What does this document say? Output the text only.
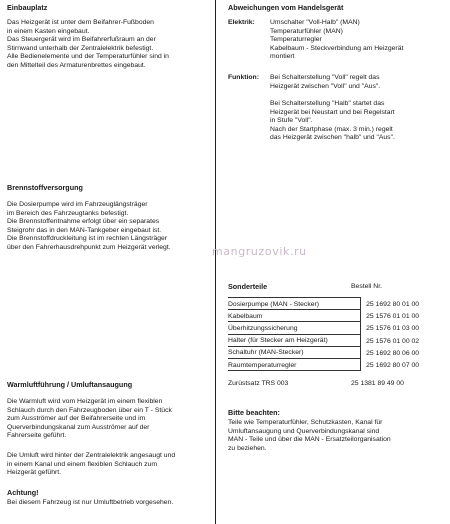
Einbauplatz
Das Heizgerät ist unter dem Beifahrer-Fußboden
in einem Kasten eingebaut.
Das Steuergerät wird im Beifahrerfußraum an der
Stirnwand unterhalb der Zentralelektrik befestigt.
Alle Bedienelemente und der Temperaturfühler sind in
den Mittelteil des Armaturenbrettes eingebaut.
Brennstoffversorgung
Die Dosierpumpe wird im Fahrzeuglängsträger
im Bereich des Fahrzeugtanks befestigt.
Die Brennstoffentnahme erfolgt über ein separates
Steigrohr das in den MAN-Tankgeber eingebaut ist.
Die Brennstoffdruckleitung ist im rechten Längsträger
über den Fahrerhausdrehpunkt zum Heizgerät verlegt.
Warmluftführung / Umluftansaugung
Die Warmluft wird vom Heizgerät im einem flexiblen
Schlauch durch den Fahrzeugboden über ein T - Stück
zum Ausströmer auf der Beifahrerseite und im
Querverbindungskanal zum Ausströmer auf der
Fahrerseite geführt.
Die Umluft wird hinter der Zentralelektrik angesaugt und
in einem Kanal und einem flexiblen Schlauch zum
Heizgerät geführt.
Achtung!
Bei diesem Fahrzeug ist nur Umluftbetrieb vorgesehen.
Abweichungen vom Handelsgerät
Elektrik: Umschalter "Voll-Halb" (MAN)
Temperaturfühler (MAN)
Temperaturregler
Kabelbaum - Steckverbindung am Heizgerät
montiert
Funktion: Bei Schalterstellung "Voll" regelt das
Heizgerät zwischen "Voll" und "Aus".
Bei Schalterstellung "Halb" startet das
Heizgerät bei Neustart und bei Regelstart
in Stufe "Voll".
Nach der Startphase (max. 3 min.) regelt
das Heizgerät zwischen "halb" und "Aus".
Sonderteile	Bestell Nr.
Dosierpumpe (MAN - Stecker)	25 1692 80 01 00
Kabelbaum	25 1576 01 01 00
Überhitzungssicherung	25 1576 01 03 00
Halter (für Stecker am Heizgerät)	25 1576 01 00 02
Schaltuhr (MAN-Stecker)	25 1692 80 06 00
Raumtemperaturregler	25 1692 80 07 00
Zurüstsatz TRS 003	25 1381 89 49 00
Bitte beachten:
Teile wie Temperaturfühler, Schutzkasten, Kanal für
Umluftansaugung und Querverbindungskanal sind
MAN - Teile und über die MAN - Ersatzteilorganisation
zu beziehen.
mangruzovik.ru
